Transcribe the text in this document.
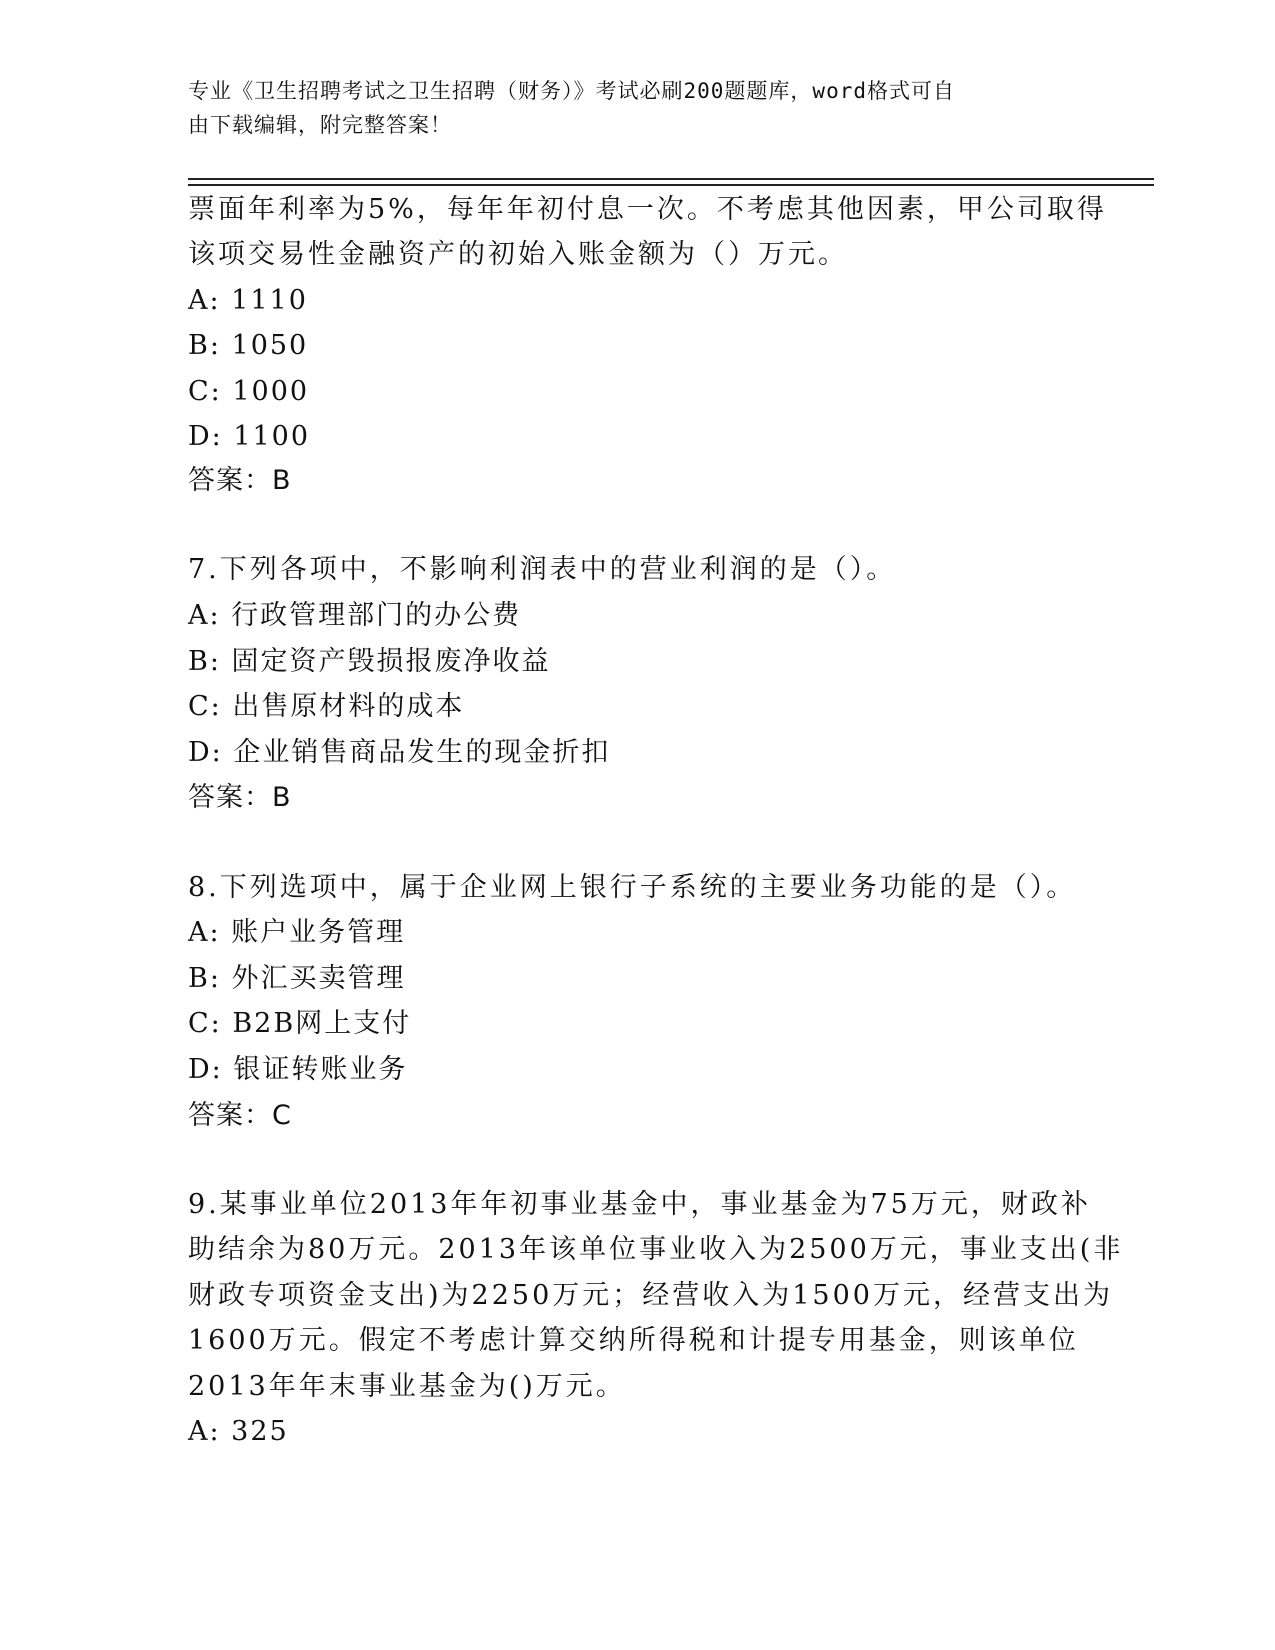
专业《卫生招聘考试之卫生招聘（财务）》考试必刷200题题库，word格式可自
由下载编辑，附完整答案！
票面年利率为5%，每年年初付息一次。不考虑其他因素，甲公司取得
该项交易性金融资产的初始入账金额为（）万元。
A: 1110
B: 1050
C: 1000
D: 1100
答案：B
7.下列各项中，不影响利润表中的营业利润的是（）。
A: 行政管理部门的办公费
B: 固定资产毁损报废净收益
C: 出售原材料的成本
D: 企业销售商品发生的现金折扣
答案：B
8.下列选项中，属于企业网上银行子系统的主要业务功能的是（）。
A: 账户业务管理
B: 外汇买卖管理
C: B2B网上支付
D: 银证转账业务
答案：C
9.某事业单位2013年年初事业基金中，事业基金为75万元，财政补
助结余为80万元。2013年该单位事业收入为2500万元，事业支出(非
财政专项资金支出)为2250万元；经营收入为1500万元，经营支出为
1600万元。假定不考虑计算交纳所得税和计提专用基金，则该单位
2013年年末事业基金为()万元。
A: 325
